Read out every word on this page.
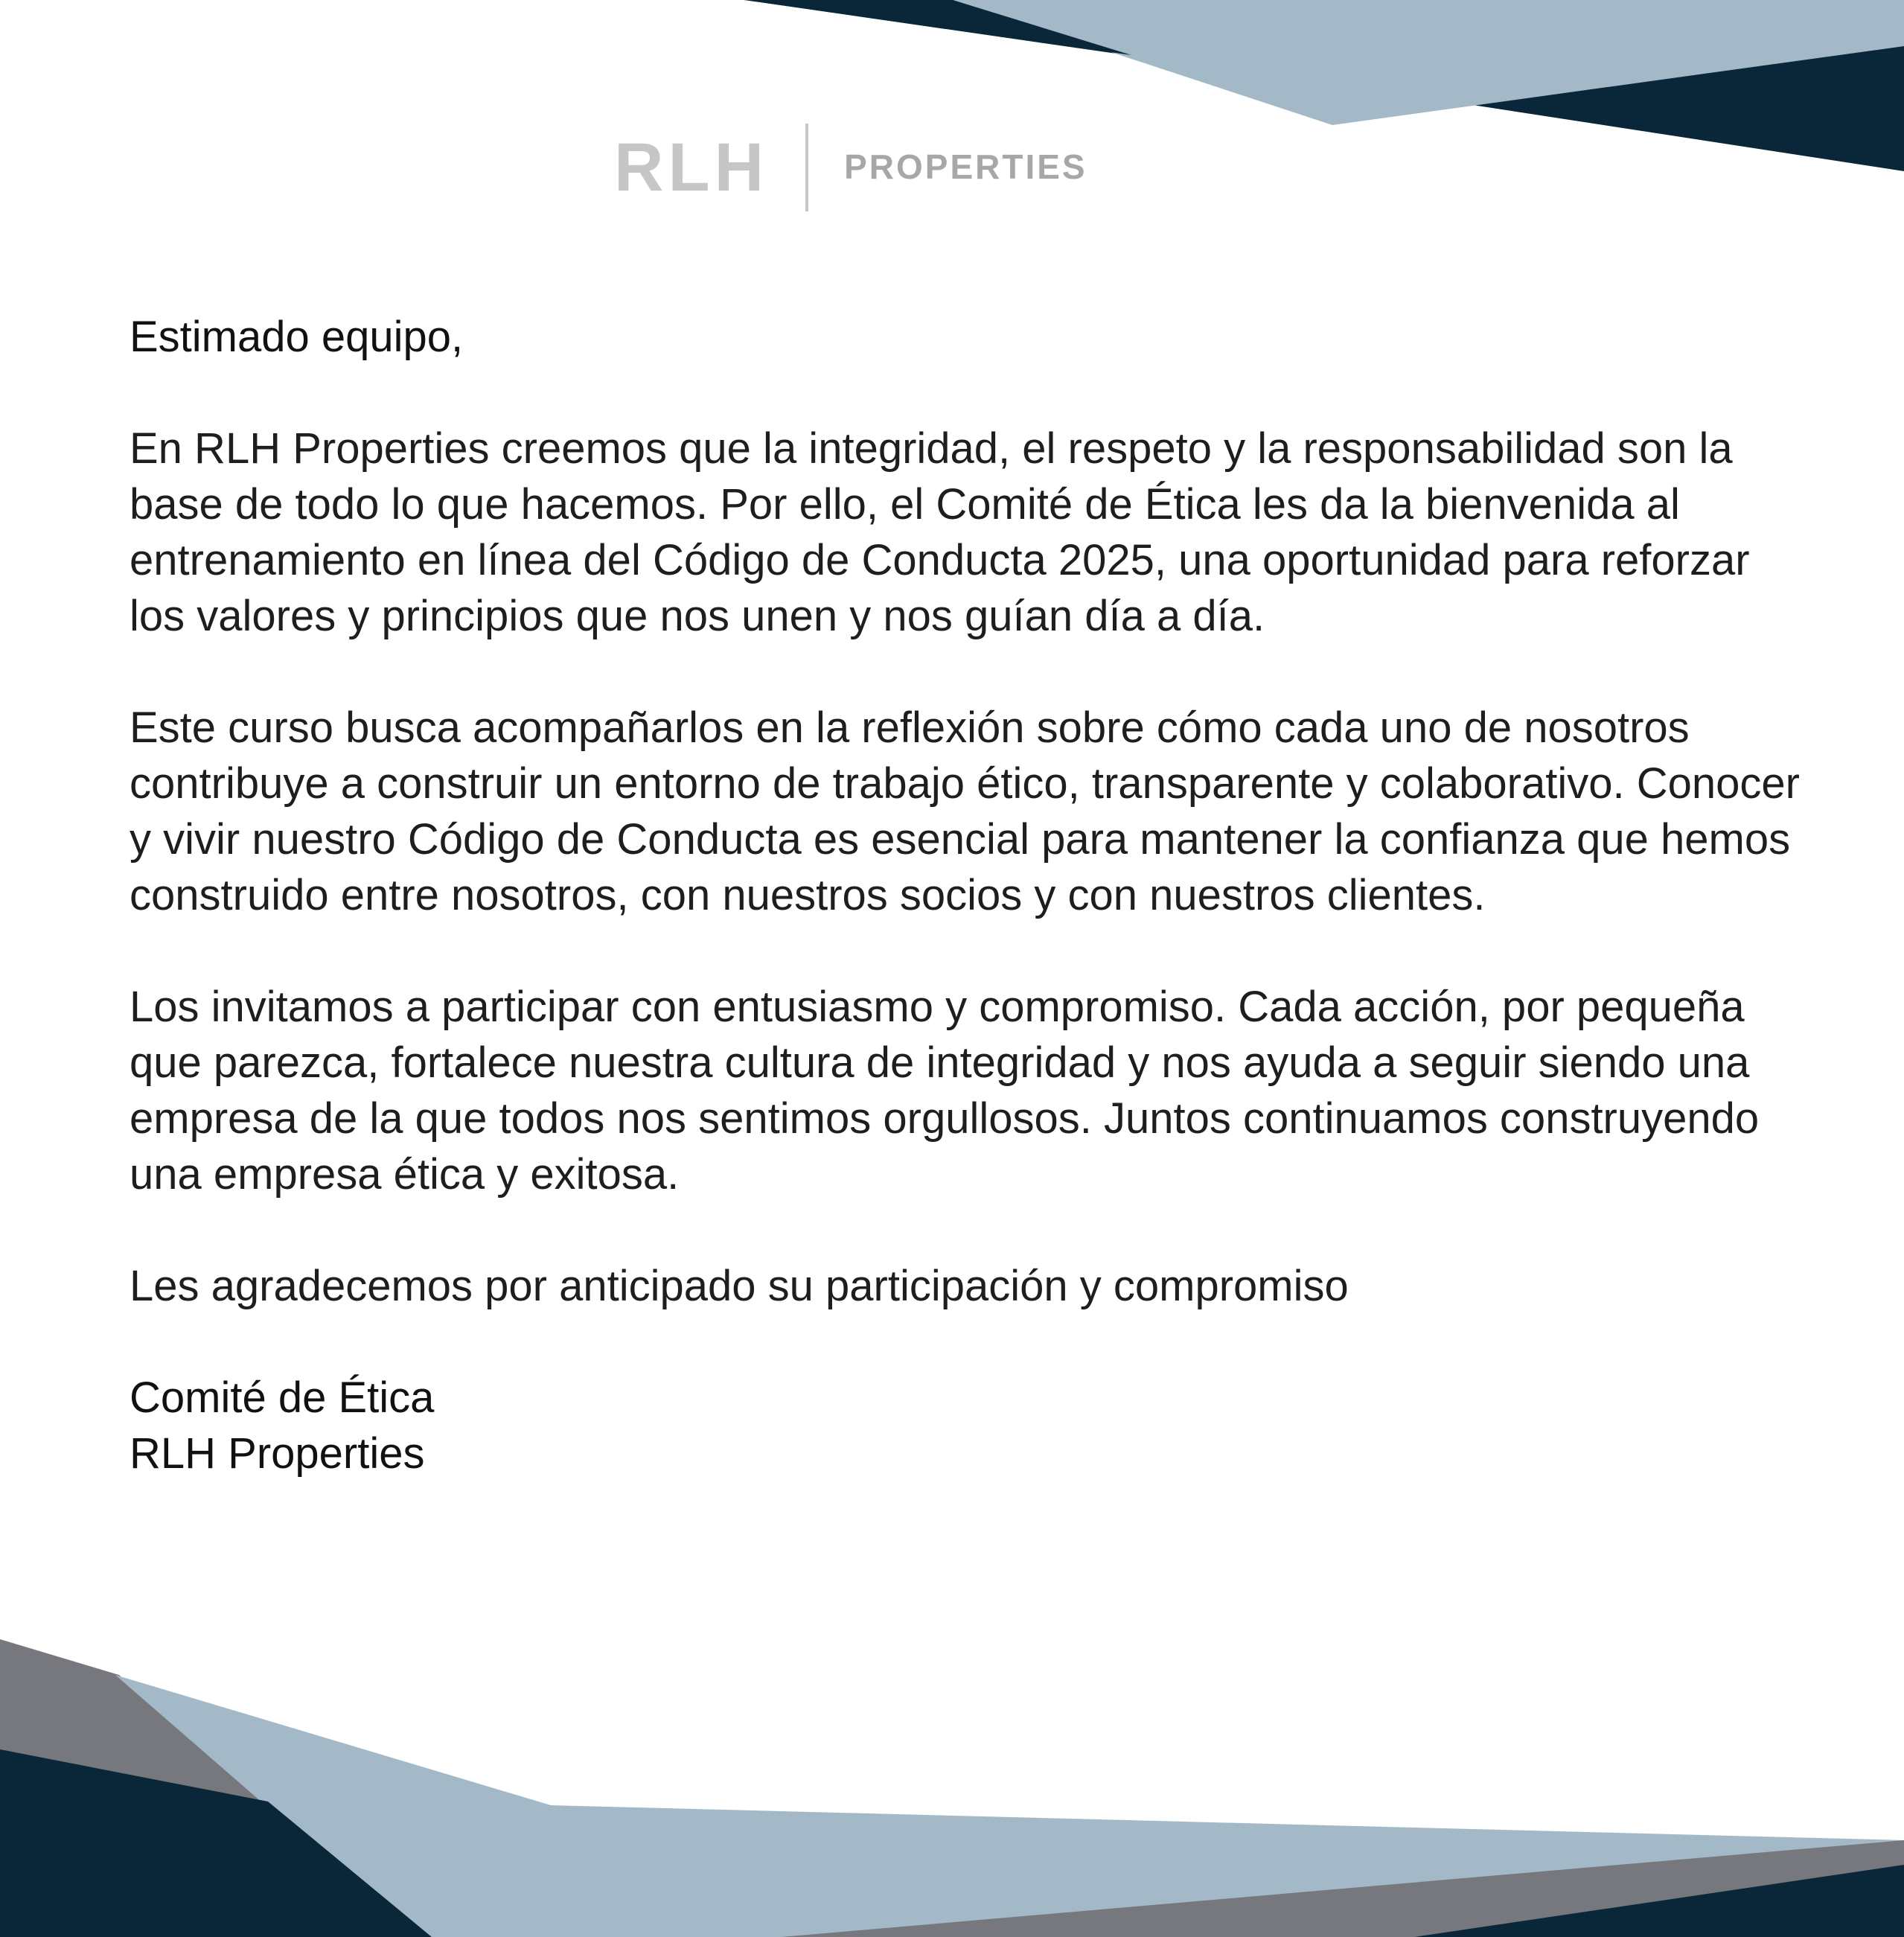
RLH PROPERTIES

Estimado equipo,

En RLH Properties creemos que la integridad, el respeto y la responsabilidad son la base de todo lo que hacemos. Por ello, el Comité de Ética les da la bienvenida al entrenamiento en línea del Código de Conducta 2025, una oportunidad para reforzar los valores y principios que nos unen y nos guían día a día.

Este curso busca acompañarlos en la reflexión sobre cómo cada uno de nosotros contribuye a construir un entorno de trabajo ético, transparente y colaborativo. Conocer y vivir nuestro Código de Conducta es esencial para mantener la confianza que hemos construido entre nosotros, con nuestros socios y con nuestros clientes.

Los invitamos a participar con entusiasmo y compromiso. Cada acción, por pequeña que parezca, fortalece nuestra cultura de integridad y nos ayuda a seguir siendo una empresa de la que todos nos sentimos orgullosos. Juntos continuamos construyendo una empresa ética y exitosa.

Les agradecemos por anticipado su participación y compromiso

Comité de Ética
RLH Properties
